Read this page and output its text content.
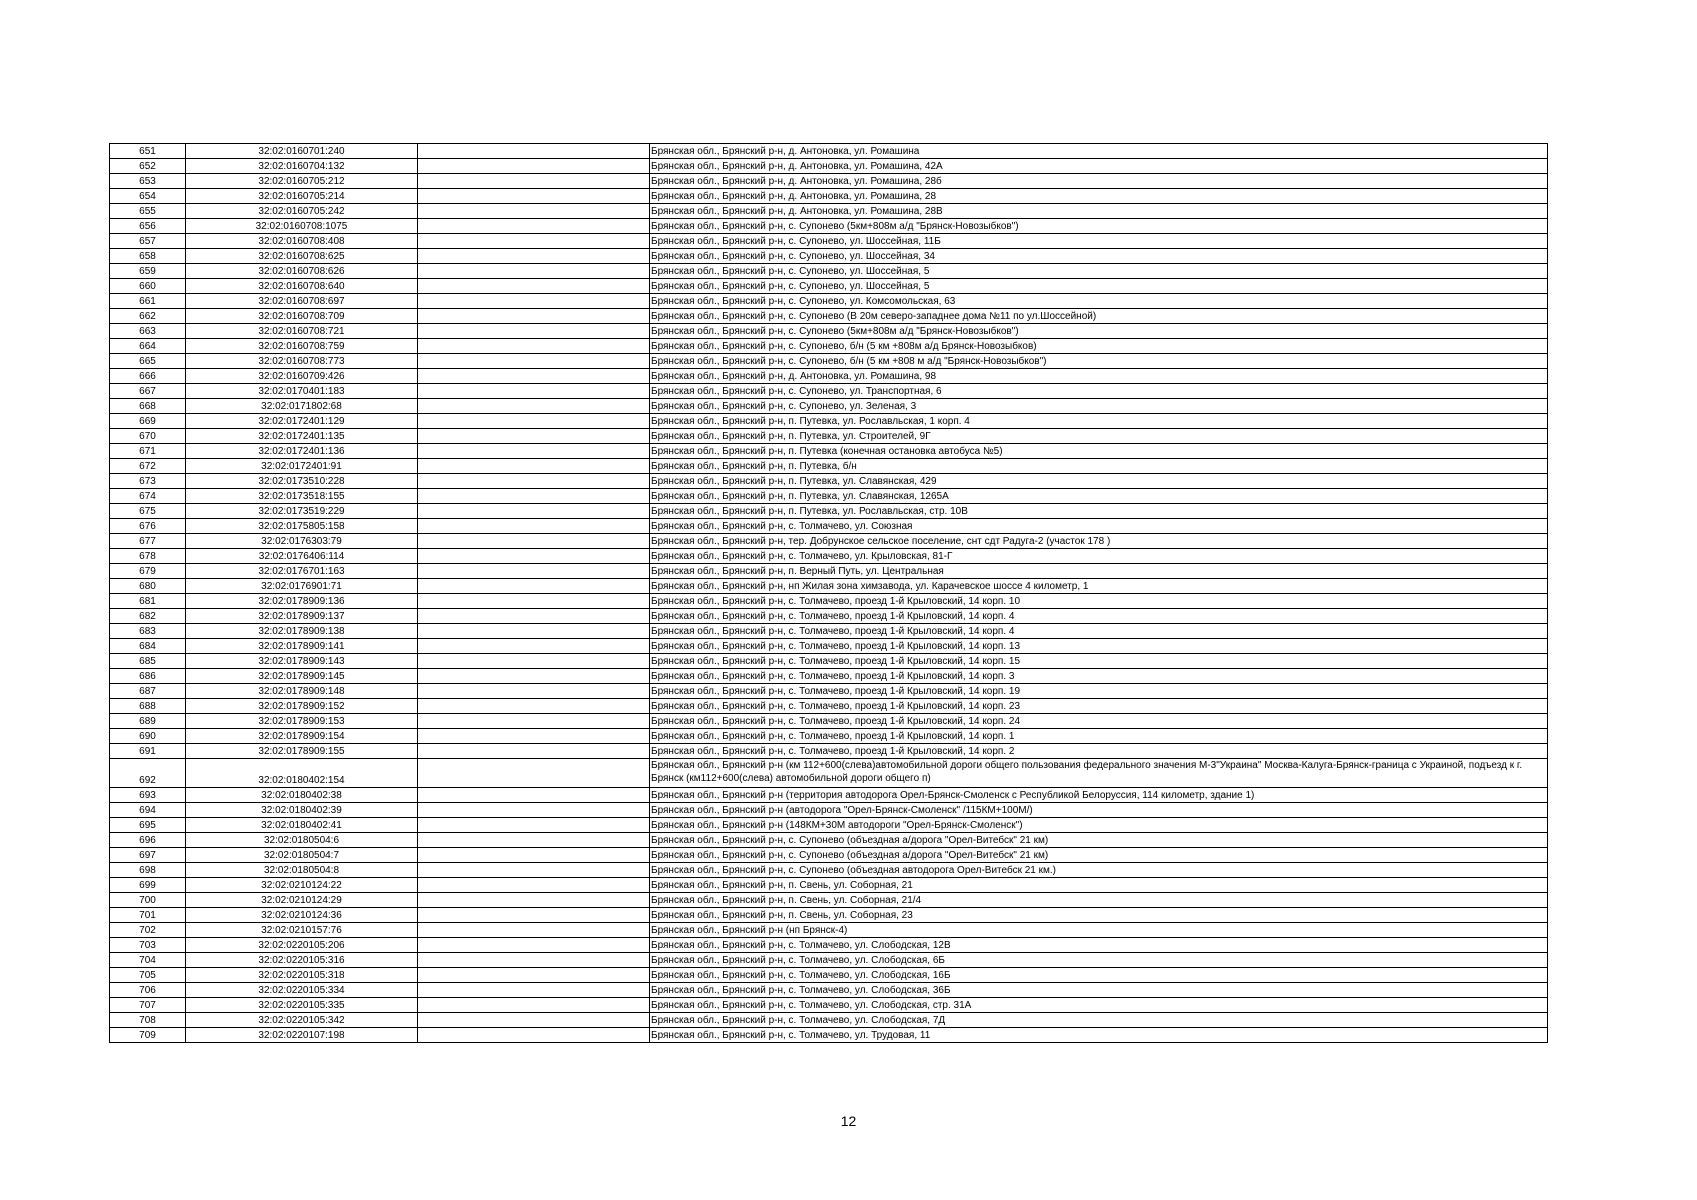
651	32:02:0160701:240		Брянская обл., Брянский р-н, д. Антоновка, ул. Ромашина
652	32:02:0160704:132		Брянская обл., Брянский р-н, д. Антоновка, ул. Ромашина, 42А
653	32:02:0160705:212		Брянская обл., Брянский р-н, д. Антоновка, ул. Ромашина, 28б
654	32:02:0160705:214		Брянская обл., Брянский р-н, д. Антоновка, ул. Ромашина, 28
655	32:02:0160705:242		Брянская обл., Брянский р-н, д. Антоновка, ул. Ромашина, 28В
656	32:02:0160708:1075		Брянская обл., Брянский р-н, с. Супонево (5км+808м а/д "Брянск-Новозыбков")
657	32:02:0160708:408		Брянская обл., Брянский р-н, с. Супонево, ул. Шоссейная, 11Б
658	32:02:0160708:625		Брянская обл., Брянский р-н, с. Супонево, ул. Шоссейная, 34
659	32:02:0160708:626		Брянская обл., Брянский р-н, с. Супонево, ул. Шоссейная, 5
660	32:02:0160708:640		Брянская обл., Брянский р-н, с. Супонево, ул. Шоссейная, 5
661	32:02:0160708:697		Брянская обл., Брянский р-н, с. Супонево, ул. Комсомольская, 63
662	32:02:0160708:709		Брянская обл., Брянский р-н, с. Супонево (В 20м северо-западнее дома №11 по ул.Шоссейной)
663	32:02:0160708:721		Брянская обл., Брянский р-н, с. Супонево (5км+808м а/д "Брянск-Новозыбков")
664	32:02:0160708:759		Брянская обл., Брянский р-н, с. Супонево, б/н (5 км +808м а/д Брянск-Новозыбков)
665	32:02:0160708:773		Брянская обл., Брянский р-н, с. Супонево, б/н (5 км +808 м а/д "Брянск-Новозыбков")
666	32:02:0160709:426		Брянская обл., Брянский р-н, д. Антоновка, ул. Ромашина, 98
667	32:02:0170401:183		Брянская обл., Брянский р-н, с. Супонево, ул. Транспортная, 6
668	32:02:0171802:68		Брянская обл., Брянский р-н, с. Супонево, ул. Зеленая, 3
669	32:02:0172401:129		Брянская обл., Брянский р-н, п. Путевка, ул. Рославльская, 1 корп. 4
670	32:02:0172401:135		Брянская обл., Брянский р-н, п. Путевка, ул. Строителей, 9Г
671	32:02:0172401:136		Брянская обл., Брянский р-н, п. Путевка (конечная остановка автобуса №5)
672	32:02:0172401:91		Брянская обл., Брянский р-н, п. Путевка, б/н
673	32:02:0173510:228		Брянская обл., Брянский р-н, п. Путевка, ул. Славянская, 429
674	32:02:0173518:155		Брянская обл., Брянский р-н, п. Путевка, ул. Славянская, 1265А
675	32:02:0173519:229		Брянская обл., Брянский р-н, п. Путевка, ул. Рославльская, стр. 10В
676	32:02:0175805:158		Брянская обл., Брянский р-н, с. Толмачево, ул. Союзная
677	32:02:0176303:79		Брянская обл., Брянский р-н, тер. Добрунское сельское поселение, снт сдт Радуга-2 (участок 178 )
678	32:02:0176406:114		Брянская обл., Брянский р-н, с. Толмачево, ул. Крыловская, 81-Г
679	32:02:0176701:163		Брянская обл., Брянский р-н, п. Верный Путь, ул. Центральная
680	32:02:0176901:71		Брянская обл., Брянский р-н, нп Жилая зона химзавода, ул. Карачевское шоссе 4 километр, 1
681	32:02:0178909:136		Брянская обл., Брянский р-н, с. Толмачево, проезд 1-й Крыловский, 14 корп. 10
682	32:02:0178909:137		Брянская обл., Брянский р-н, с. Толмачево, проезд 1-й Крыловский, 14 корп. 4
683	32:02:0178909:138		Брянская обл., Брянский р-н, с. Толмачево, проезд 1-й Крыловский, 14 корп. 4
684	32:02:0178909:141		Брянская обл., Брянский р-н, с. Толмачево, проезд 1-й Крыловский, 14 корп. 13
685	32:02:0178909:143		Брянская обл., Брянский р-н, с. Толмачево, проезд 1-й Крыловский, 14 корп. 15
686	32:02:0178909:145		Брянская обл., Брянский р-н, с. Толмачево, проезд 1-й Крыловский, 14 корп. 3
687	32:02:0178909:148		Брянская обл., Брянский р-н, с. Толмачево, проезд 1-й Крыловский, 14 корп. 19
688	32:02:0178909:152		Брянская обл., Брянский р-н, с. Толмачево, проезд 1-й Крыловский, 14 корп. 23
689	32:02:0178909:153		Брянская обл., Брянский р-н, с. Толмачево, проезд 1-й Крыловский, 14 корп. 24
690	32:02:0178909:154		Брянская обл., Брянский р-н, с. Толмачево, проезд 1-й Крыловский, 14 корп. 1
691	32:02:0178909:155		Брянская обл., Брянский р-н, с. Толмачево, проезд 1-й Крыловский, 14 корп. 2
692	32:02:0180402:154		Брянская обл., Брянский р-н (км 112+600(слева)автомобильной дороги общего пользования федерального значения М-3"Украина" Москва-Калуга-Брянск-граница с Украиной, подъезд к г. Брянск (км112+600(слева) автомобильной дороги общего п)
693	32:02:0180402:38		Брянская обл., Брянский р-н (территория автодорога Орел-Брянск-Смоленск с Республикой Белоруссия, 114 километр, здание 1)
694	32:02:0180402:39		Брянская обл., Брянский р-н (автодорога "Орел-Брянск-Смоленск" /115КМ+100М/)
695	32:02:0180402:41		Брянская обл., Брянский р-н (148КМ+30М автодороги "Орел-Брянск-Смоленск")
696	32:02:0180504:6		Брянская обл., Брянский р-н, с. Супонево (объездная а/дорога "Орел-Витебск" 21 км)
697	32:02:0180504:7		Брянская обл., Брянский р-н, с. Супонево (объездная а/дорога "Орел-Витебск" 21 км)
698	32:02:0180504:8		Брянская обл., Брянский р-н, с. Супонево (объездная автодорога Орел-Витебск 21 км.)
699	32:02:0210124:22		Брянская обл., Брянский р-н, п. Свень, ул. Соборная, 21
700	32:02:0210124:29		Брянская обл., Брянский р-н, п. Свень, ул. Соборная, 21/4
701	32:02:0210124:36		Брянская обл., Брянский р-н, п. Свень, ул. Соборная, 23
702	32:02:0210157:76		Брянская обл., Брянский р-н (нп Брянск-4)
703	32:02:0220105:206		Брянская обл., Брянский р-н, с. Толмачево, ул. Слободская, 12В
704	32:02:0220105:316		Брянская обл., Брянский р-н, с. Толмачево, ул. Слободская, 6Б
705	32:02:0220105:318		Брянская обл., Брянский р-н, с. Толмачево, ул. Слободская, 16Б
706	32:02:0220105:334		Брянская обл., Брянский р-н, с. Толмачево, ул. Слободская, 36Б
707	32:02:0220105:335		Брянская обл., Брянский р-н, с. Толмачево, ул. Слободская, стр. 31А
708	32:02:0220105:342		Брянская обл., Брянский р-н, с. Толмачево, ул. Слободская, 7Д
709	32:02:0220107:198		Брянская обл., Брянский р-н, с. Толмачево, ул. Трудовая, 11
12
